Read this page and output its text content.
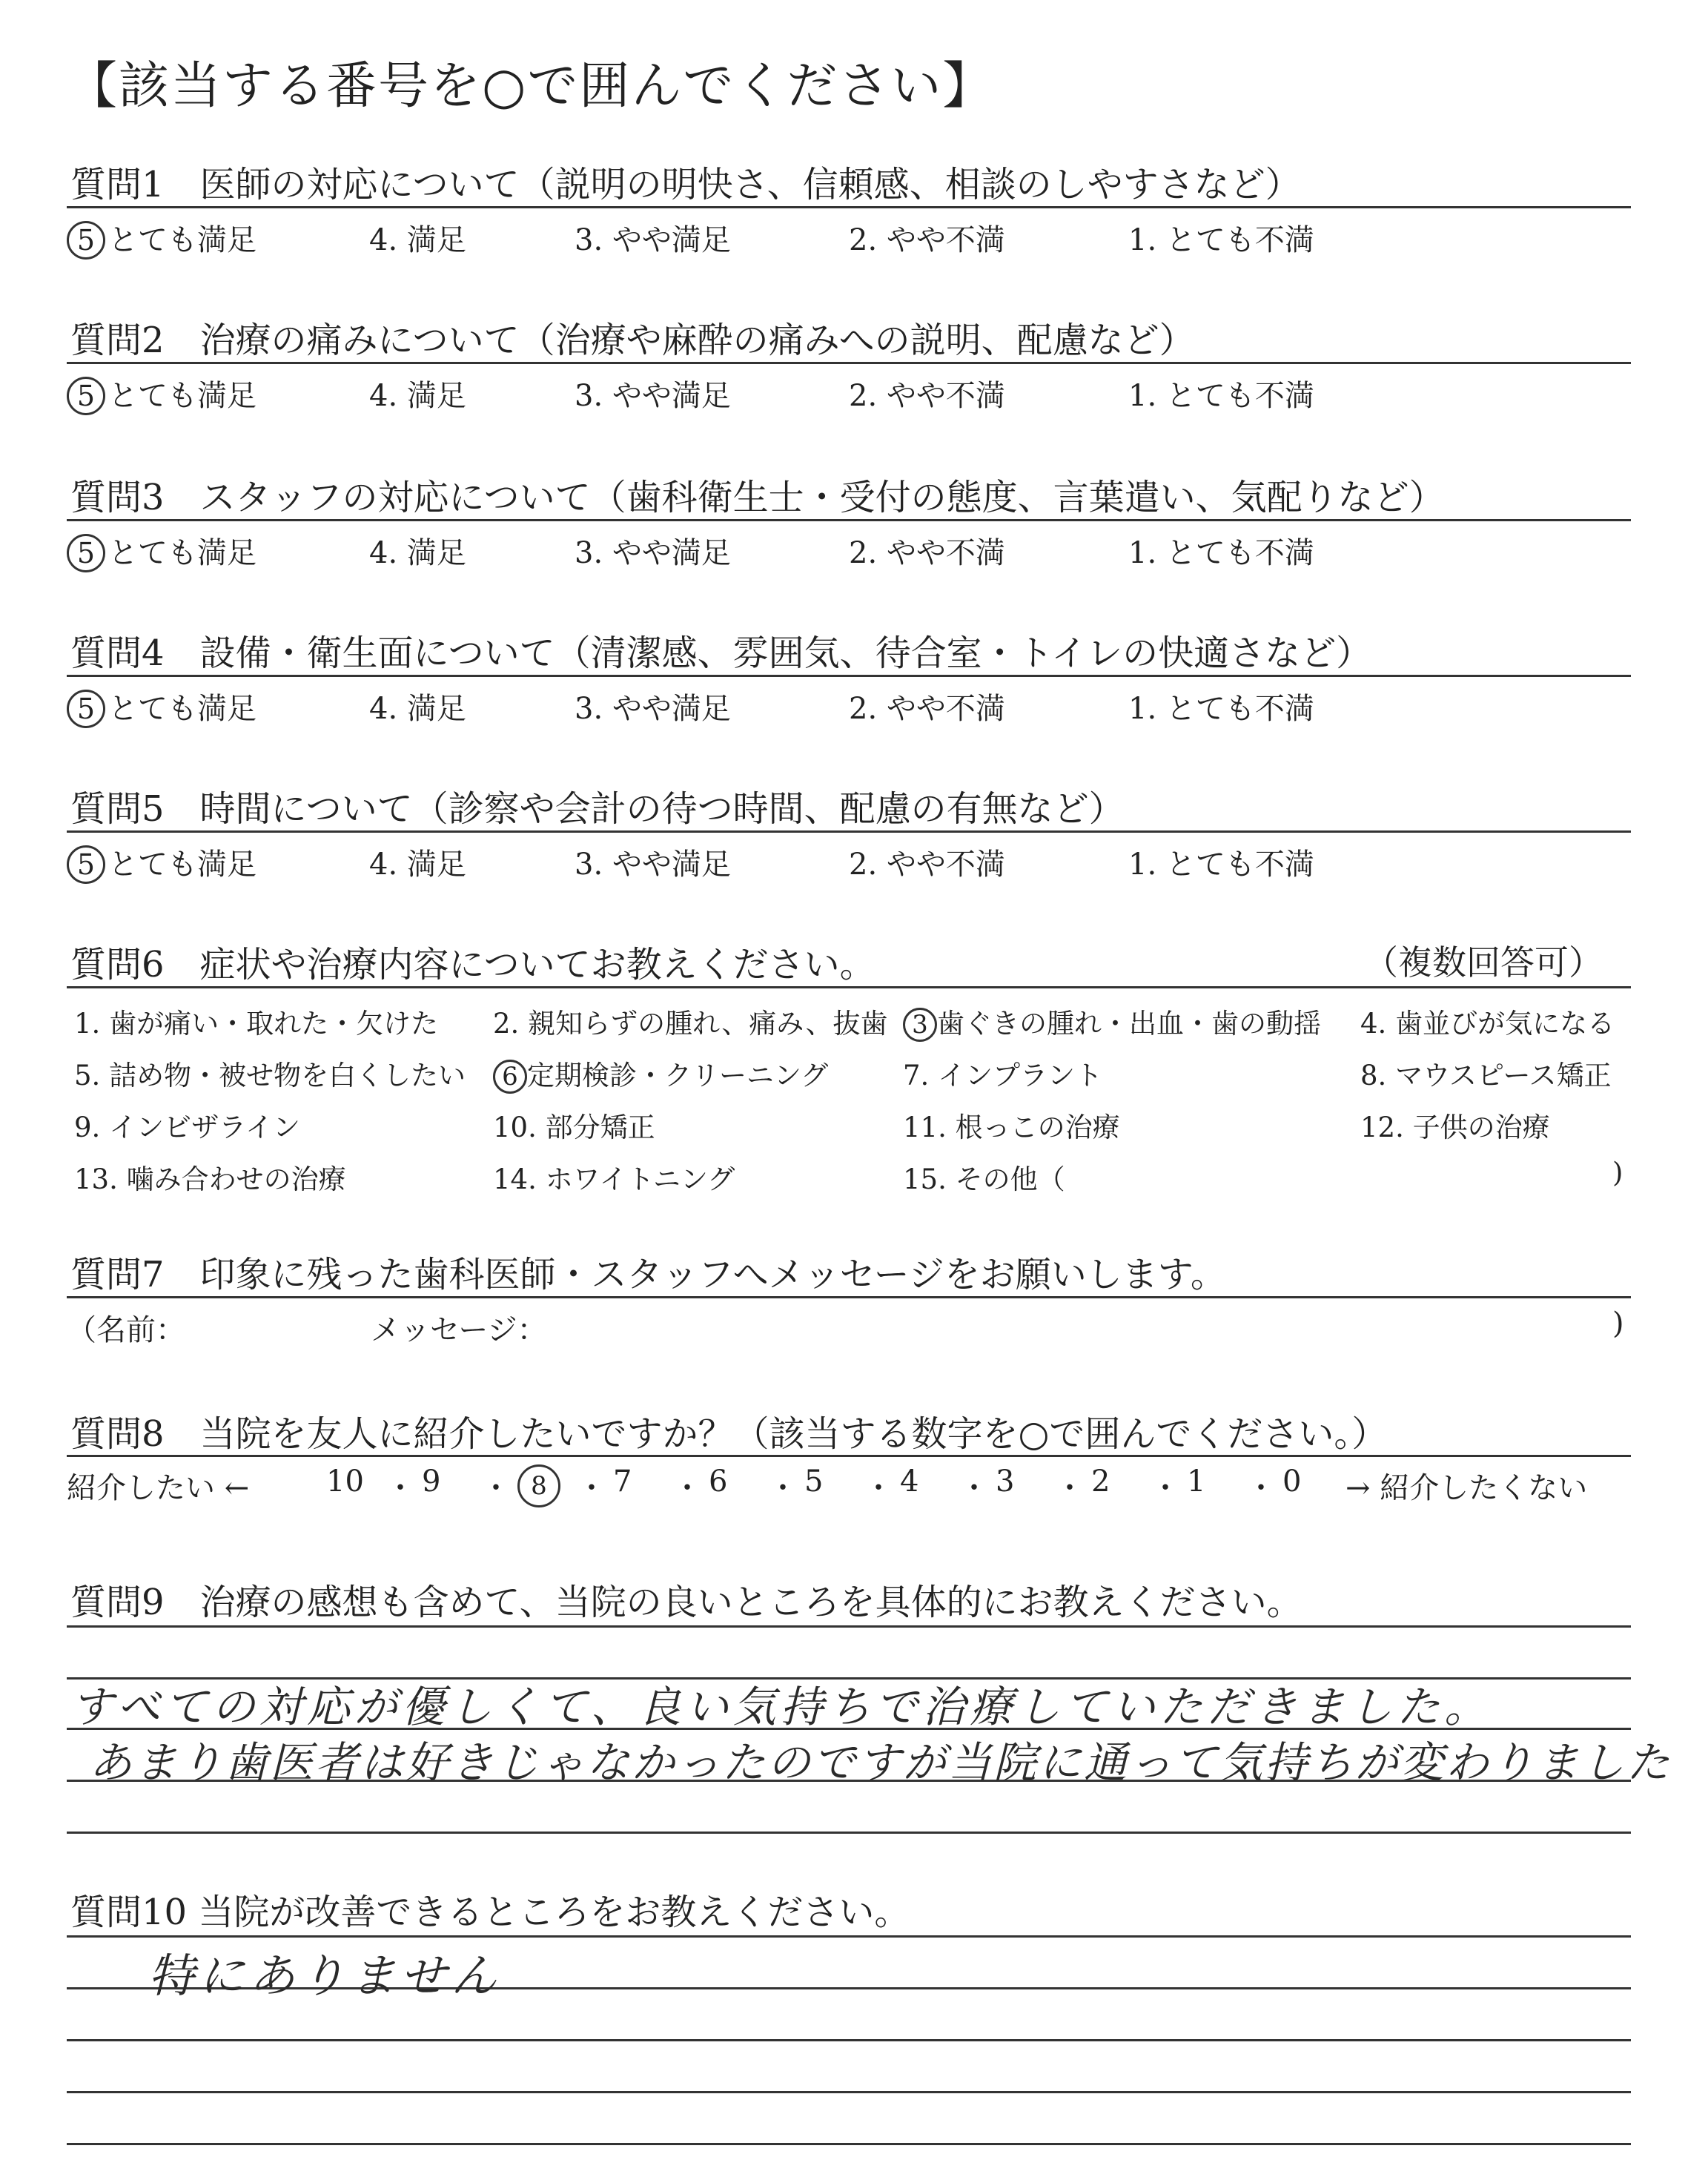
【該当する番号を○で囲んでください】
質問1　医師の対応について（説明の明快さ、信頼感、相談のしやすさなど）
5 とても満足	4. 満足	3. やや満足	2. やや不満	1. とても不満
質問2　治療の痛みについて（治療や麻酔の痛みへの説明、配慮など）
5 とても満足	4. 満足	3. やや満足	2. やや不満	1. とても不満
質問3　スタッフの対応について（歯科衛生士・受付の態度、言葉遣い、気配りなど）
5 とても満足	4. 満足	3. やや満足	2. やや不満	1. とても不満
質問4　設備・衛生面について（清潔感、雰囲気、待合室・トイレの快適さなど）
5 とても満足	4. 満足	3. やや満足	2. やや不満	1. とても不満
質問5　時間について（診察や会計の待つ時間、配慮の有無など）
5 とても満足	4. 満足	3. やや満足	2. やや不満	1. とても不満
質問6　症状や治療内容についてお教えください。	（複数回答可）
1. 歯が痛い・取れた・欠けた 2. 親知らずの腫れ、痛み、抜歯 3 歯ぐきの腫れ・出血・歯の動揺 4. 歯並びが気になる
5. 詰め物・被せ物を白くしたい	6 定期検診・クリーニング	7. インプラント	8. マウスピース矯正
9. インビザライン	10. 部分矯正	11. 根っこの治療	12. 子供の治療
13. 噛み合わせの治療	14. ホワイトニング	15. その他（	)
質問7　印象に残った歯科医師・スタッフへメッセージをお願いします。
（名前：	メッセージ：	)
質問8　当院を友人に紹介したいですか？（該当する数字を○で囲んでください。）
紹介したい ←	10 ・ 9 ・ 8	・ 7 ・ 6 ・ 5 ・ 4 ・ 3 ・ 2 ・ 1 ・ 0 → 紹介したくない
質問9　治療の感想も含めて、当院の良いところを具体的にお教えください。
すべての対応が優しくて、良い気持ちで治療していただきました。
あまり歯医者は好きじゃなかったのですが当院に通って気持ちが変わりました
質問10 当院が改善できるところをお教えください。
特にありません
